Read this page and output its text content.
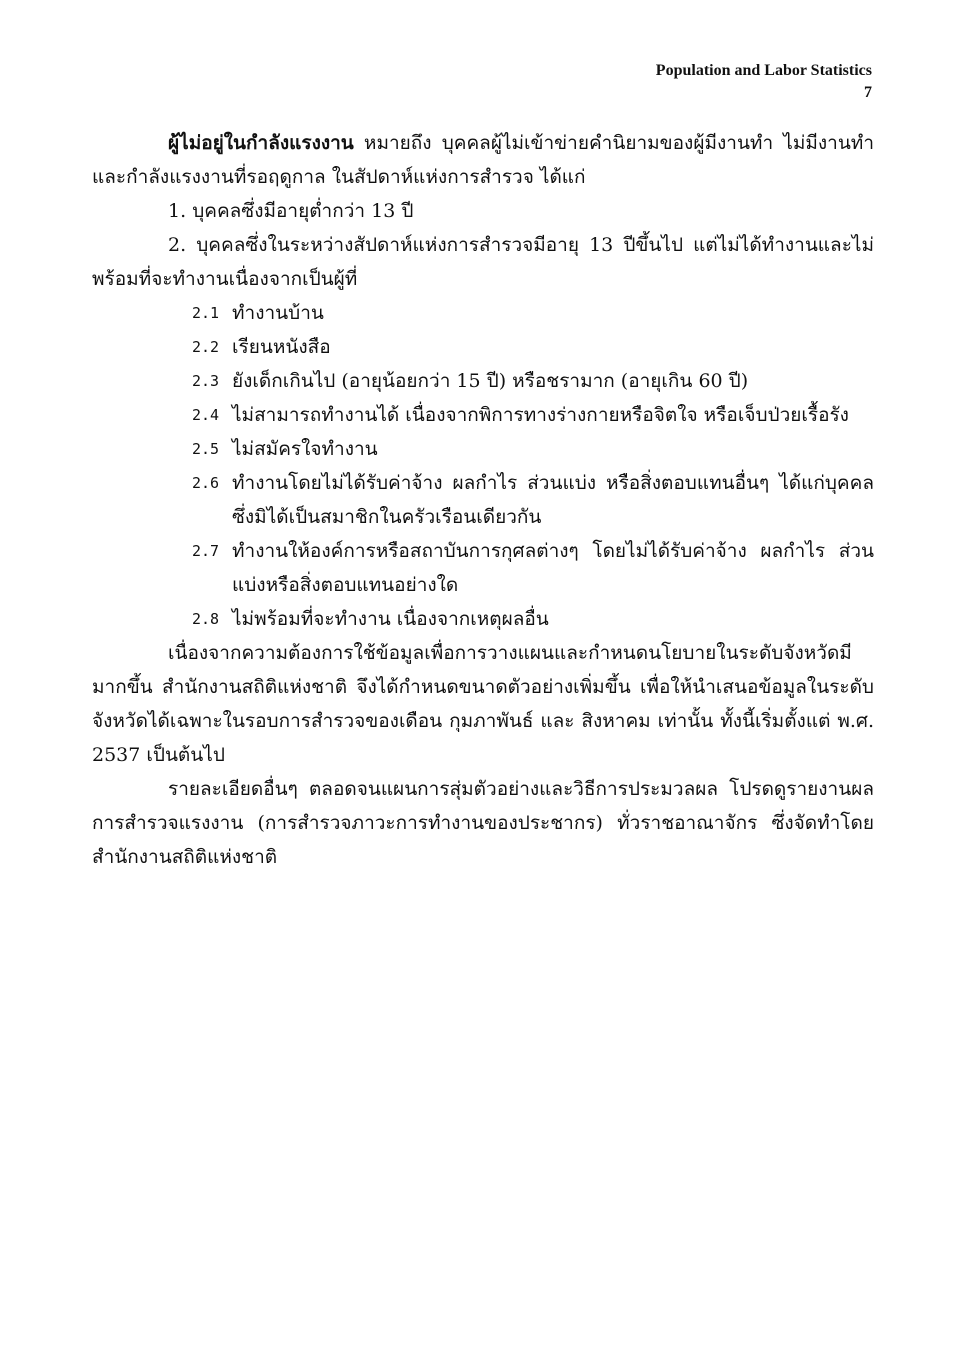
Population and Labor Statistics
7

ผู้ไม่อยู่ในกำลังแรงงาน หมายถึง บุคคลผู้ไม่เข้าข่ายคำนิยามของผู้มีงานทำ ไม่มีงานทำและกำลังแรงงานที่รอฤดูกาล ในสัปดาห์แห่งการสำรวจ ได้แก่

1. บุคคลซึ่งมีอายุต่ำกว่า 13 ปี

2. บุคคลซึ่งในระหว่างสัปดาห์แห่งการสำรวจมีอายุ 13 ปีขึ้นไป แต่ไม่ได้ทำงานและไม่พร้อมที่จะทำงานเนื่องจากเป็นผู้ที่

2.1 ทำงานบ้าน
2.2 เรียนหนังสือ
2.3 ยังเด็กเกินไป (อายุน้อยกว่า 15 ปี) หรือชรามาก (อายุเกิน 60 ปี)
2.4 ไม่สามารถทำงานได้ เนื่องจากพิการทางร่างกายหรือจิตใจ หรือเจ็บป่วยเรื้อรัง
2.5 ไม่สมัครใจทำงาน
2.6 ทำงานโดยไม่ได้รับค่าจ้าง ผลกำไร ส่วนแบ่ง หรือสิ่งตอบแทนอื่นๆ ได้แก่บุคคลซึ่งมิได้เป็นสมาชิกในครัวเรือนเดียวกัน
2.7 ทำงานให้องค์การหรือสถาบันการกุศลต่างๆ โดยไม่ได้รับค่าจ้าง ผลกำไร ส่วนแบ่งหรือสิ่งตอบแทนอย่างใด
2.8 ไม่พร้อมที่จะทำงาน เนื่องจากเหตุผลอื่น

เนื่องจากความต้องการใช้ข้อมูลเพื่อการวางแผนและกำหนดนโยบายในระดับจังหวัดมีมากขึ้น สำนักงานสถิติแห่งชาติ จึงได้กำหนดขนาดตัวอย่างเพิ่มขึ้น เพื่อให้นำเสนอข้อมูลในระดับจังหวัดได้เฉพาะในรอบการสำรวจของเดือน กุมภาพันธ์ และ สิงหาคม เท่านั้น ทั้งนี้เริ่มตั้งแต่ พ.ศ. 2537 เป็นต้นไป

รายละเอียดอื่นๆ ตลอดจนแผนการสุ่มตัวอย่างและวิธีการประมวลผล โปรดดูรายงานผลการสำรวจแรงงาน (การสำรวจภาวะการทำงานของประชากร) ทั่วราชอาณาจักร ซึ่งจัดทำโดยสำนักงานสถิติแห่งชาติ
